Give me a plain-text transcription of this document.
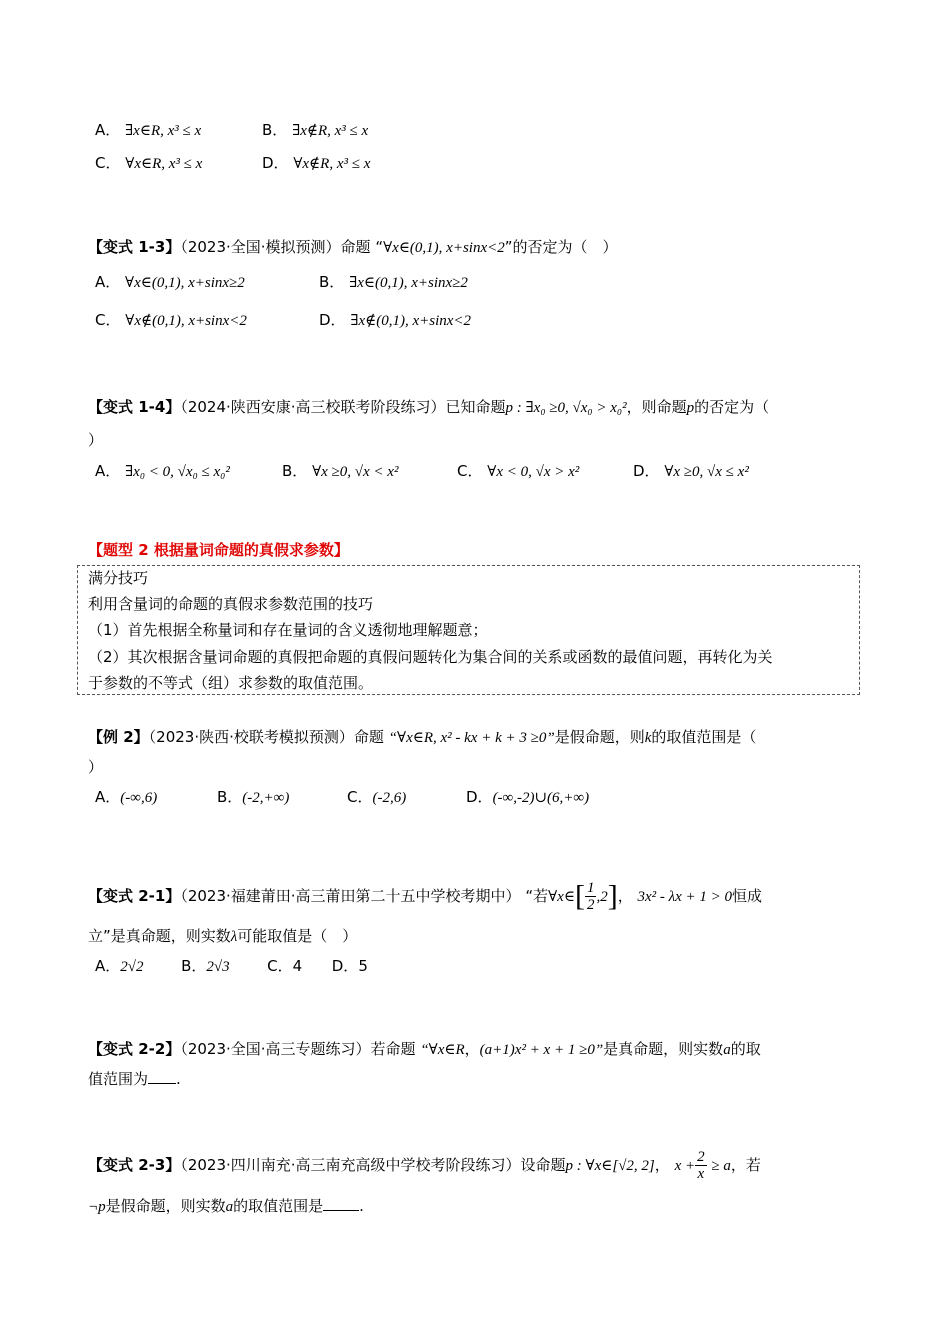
A． ∃x∈R, x³ ≤ x	B． ∃x∉R, x³ ≤ x
C． ∀x∈R, x³ ≤ x	D． ∀x∉R, x³ ≤ x
【变式 1-3】（2023·全国·模拟预测）命题 “∀x∈(0,1), x+sinx<2”的否定为（　）
A． ∀x∈(0,1), x+sinx≥2	B． ∃x∈(0,1), x+sinx≥2
C． ∀x∉(0,1), x+sinx<2	D． ∃x∉(0,1), x+sinx<2
【变式 1-4】（2024·陕西安康·高三校联考阶段练习）已知命题p : ∃x₀ ≥0, √x₀ > x₀²，则命题p的否定为（
）
A． ∃x₀ < 0, √x₀ ≤ x₀²	B． ∀x ≥0, √x < x²	C． ∀x < 0, √x > x²	D． ∀x ≥0, √x ≤ x²
【题型 2 根据量词命题的真假求参数】
满分技巧
利用含量词的命题的真假求参数范围的技巧
（1）首先根据全称量词和存在量词的含义透彻地理解题意；
（2）其次根据含量词命题的真假把命题的真假问题转化为集合间的关系或函数的最值问题，再转化为关
于参数的不等式（组）求参数的取值范围。
【例 2】（2023·陕西·校联考模拟预测）命题 “∀x∈R, x² - kx + k + 3 ≥0”是假命题，则k的取值范围是（
）
A．(-∞,6)	B．(-2,+∞)	C．(-2,6)	D．(-∞,-2)∪(6,+∞)
【变式 2-1】（2023·福建莆田·高三莆田第二十五中学校考期中） “若∀x∈[ $\frac{1}{2} ,2$]， 3x² - λx + 1 > 0恒成
立”是真命题，则实数λ可能取值是（　）
A．2√2	B．2√3	C．4 D．5
【变式 2-2】（2023·全国·高三专题练习）若命题 “∀x∈R，(a+1)x² + x + 1 ≥0”是真命题，则实数a的取
值范围为 .
【变式 2-3】（2023·四川南充·高三南充高级中学校考阶段练习）设命题p : ∀x∈[√2, 2]， $x + \frac{2}{x} \ge a$，若
¬p是假命题，则实数a的取值范围是 .
